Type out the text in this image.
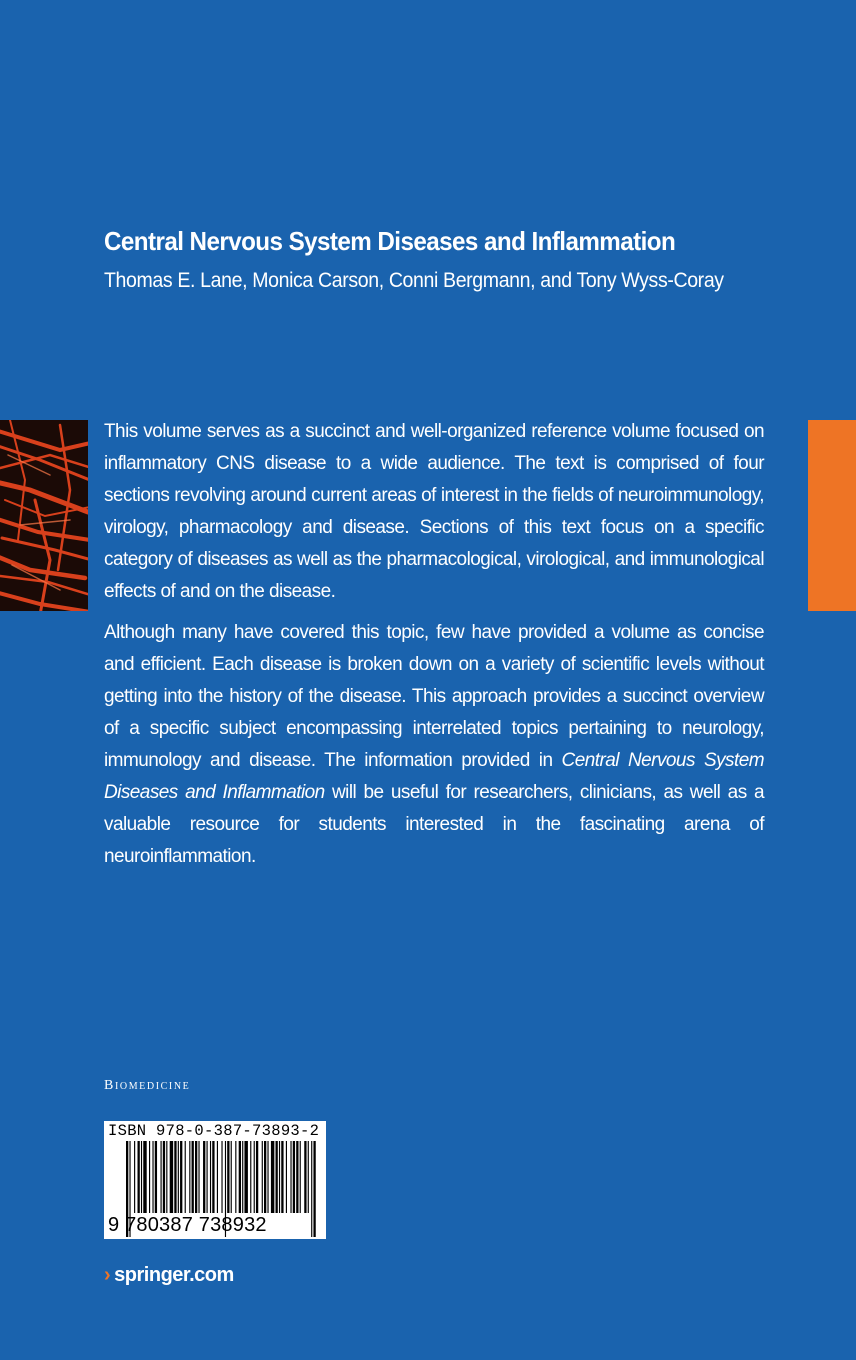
Central Nervous System Diseases and Inflammation
Thomas E. Lane, Monica Carson, Conni Bergmann, and Tony Wyss-Coray

This volume serves as a succinct and well-organized reference volume focused on inflammatory CNS disease to a wide audience. The text is comprised of four sections revolving around current areas of interest in the fields of neuroimmunology, virology, pharmacology and disease. Sections of this text focus on a specific category of diseases as well as the pharmacological, virological, and immunological effects of and on the disease.

Although many have covered this topic, few have provided a volume as concise and efficient. Each disease is broken down on a variety of scientific levels without getting into the history of the disease. This approach provides a succinct overview of a specific subject encompassing interrelated topics pertaining to neurology, immunology and disease. The information provided in Central Nervous System Diseases and Inflammation will be useful for researchers, clinicians, as well as a valuable resource for students interested in the fascinating arena of neuroinflammation.

Biomedicine
ISBN 978-0-387-73893-2
9 780387 738932
› springer.com
